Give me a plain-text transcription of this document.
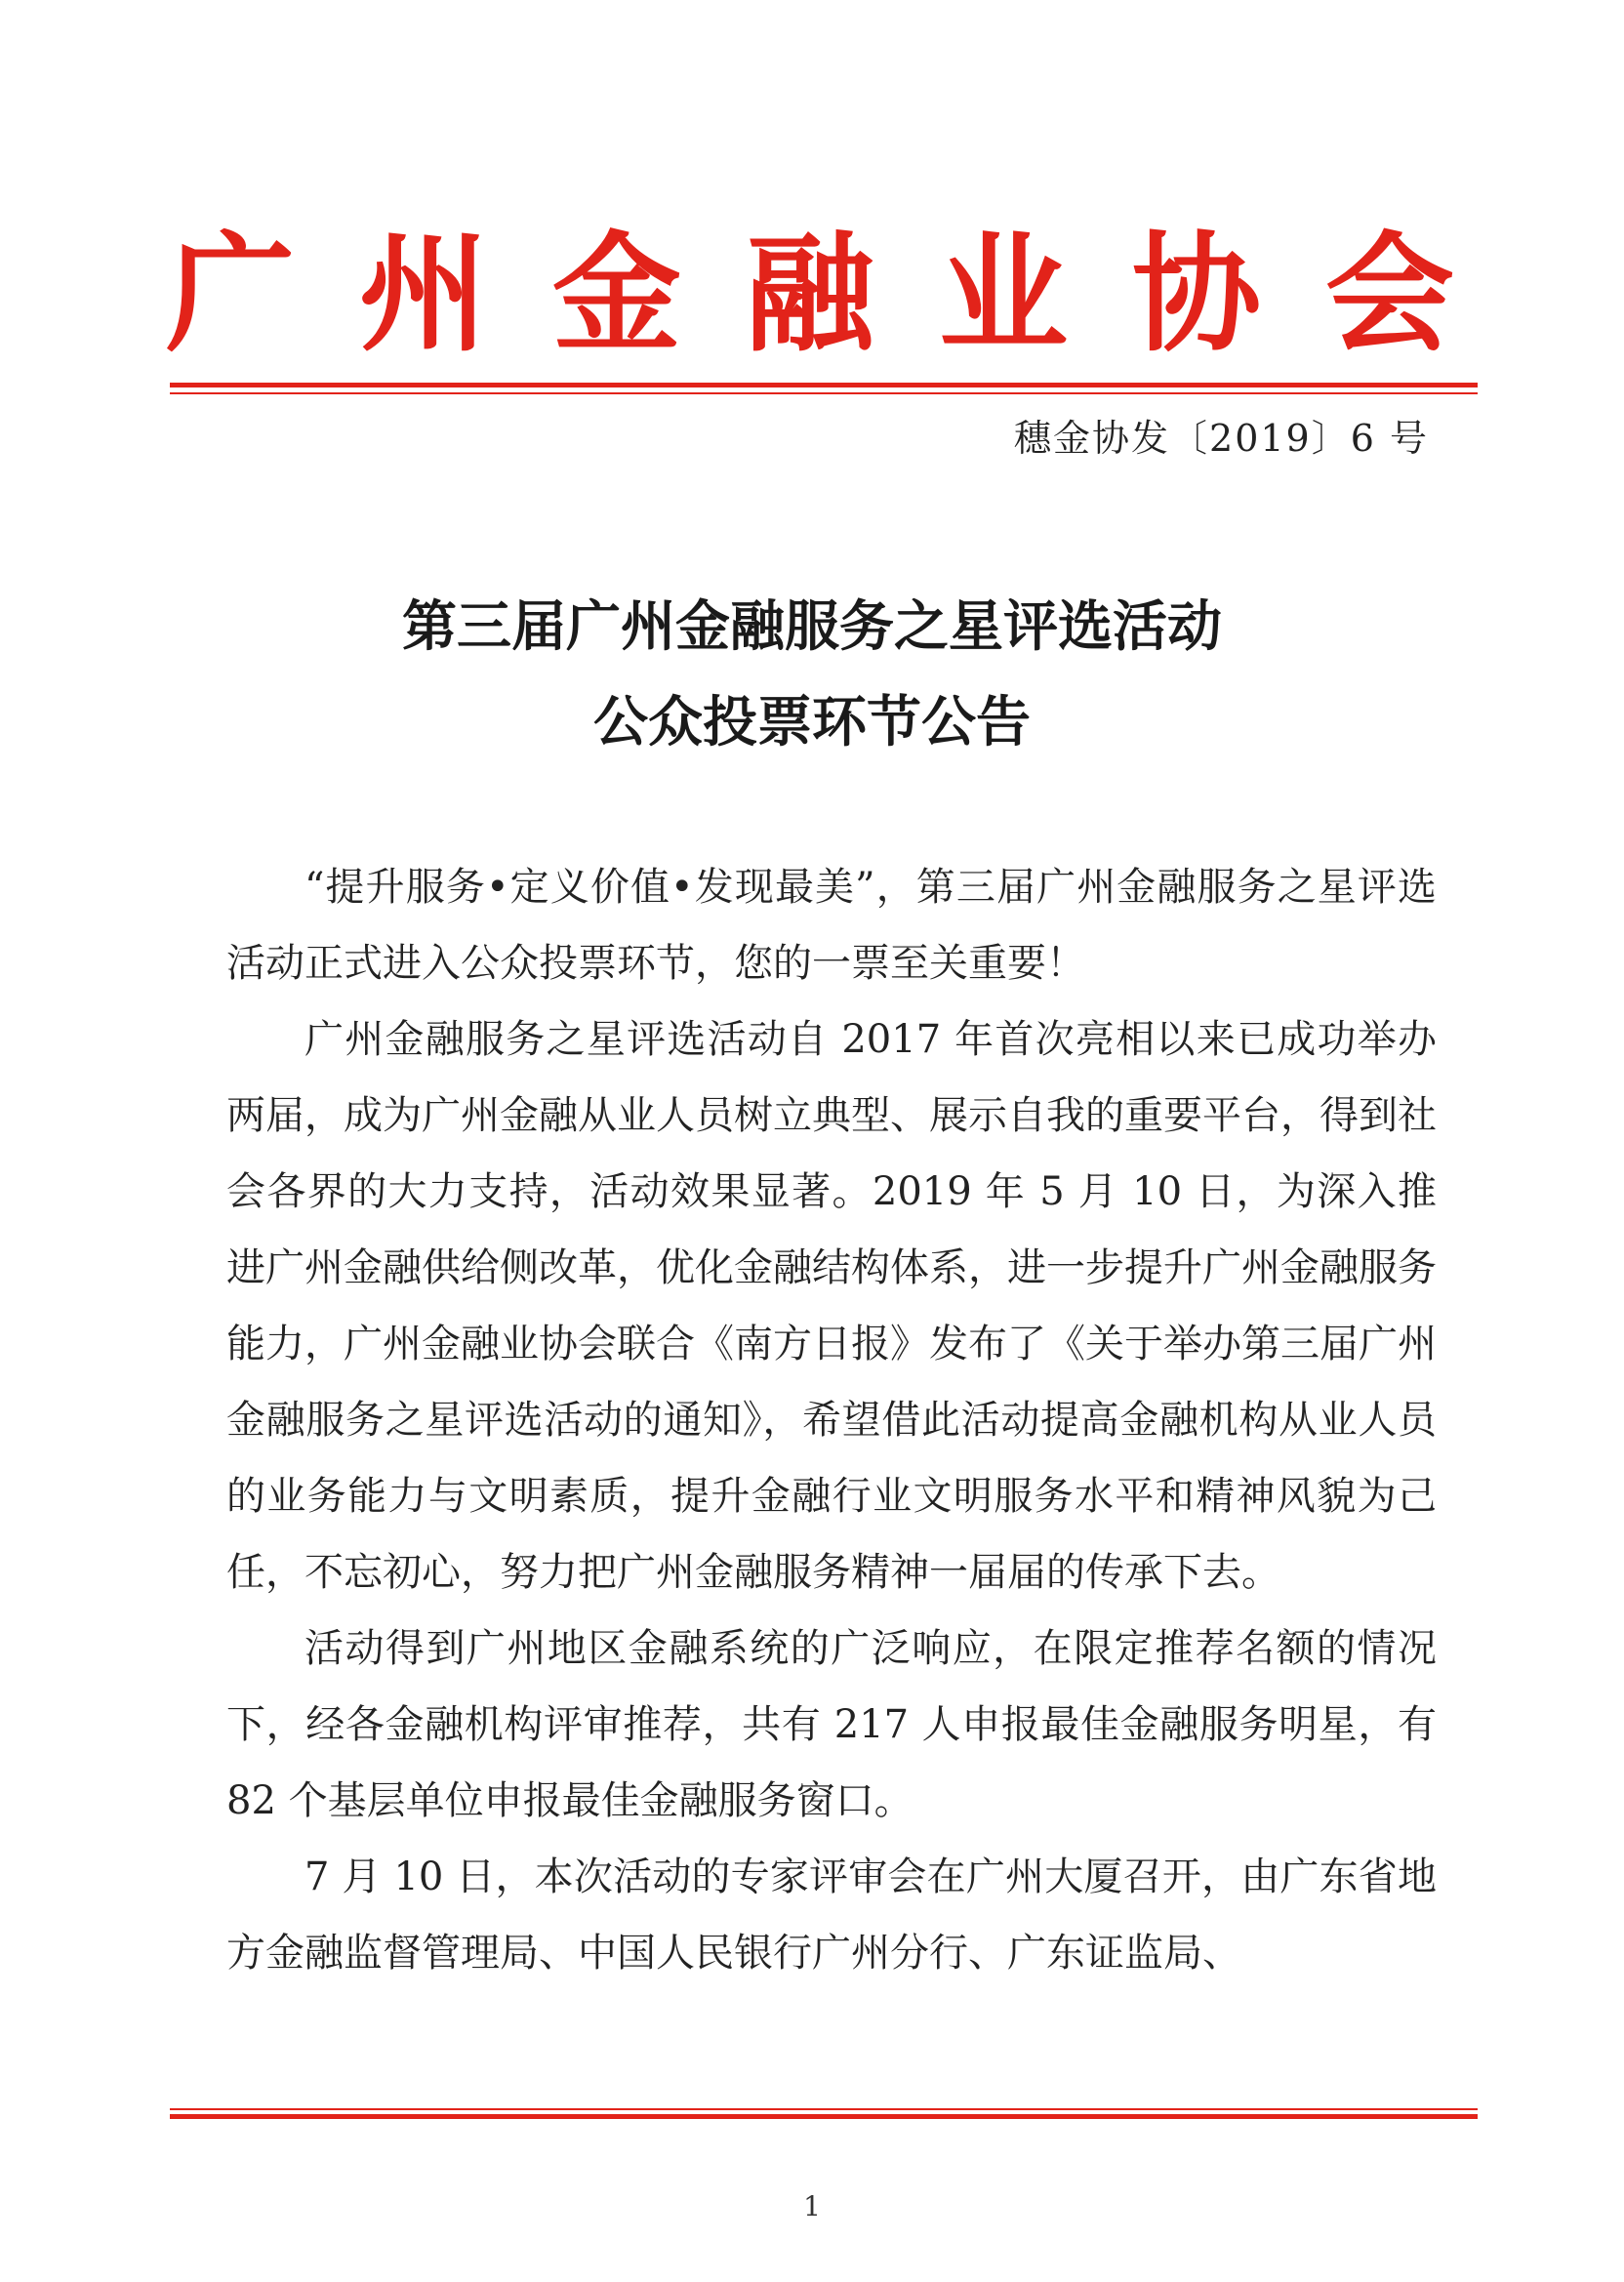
广 州 金 融 业 协 会
穗金协发〔2019〕6 号
第三届广州金融服务之星评选活动
公众投票环节公告

“提升服务•定义价值•发现最美”，第三届广州金融服务之星评选活动正式进入公众投票环节，您的一票至关重要！

广州金融服务之星评选活动自 2017 年首次亮相以来已成功举办两届，成为广州金融从业人员树立典型、展示自我的重要平台，得到社会各界的大力支持，活动效果显著。2019 年 5 月 10 日，为深入推进广州金融供给侧改革，优化金融结构体系，进一步提升广州金融服务能力，广州金融业协会联合《南方日报》发布了《关于举办第三届广州金融服务之星评选活动的通知》，希望借此活动提高金融机构从业人员的业务能力与文明素质，提升金融行业文明服务水平和精神风貌为己任，不忘初心，努力把广州金融服务精神一届届的传承下去。

活动得到广州地区金融系统的广泛响应，在限定推荐名额的情况下，经各金融机构评审推荐，共有 217 人申报最佳金融服务明星，有 82 个基层单位申报最佳金融服务窗口。

7 月 10 日，本次活动的专家评审会在广州大厦召开，由广东省地方金融监督管理局、中国人民银行广州分行、广东证监局、

1
